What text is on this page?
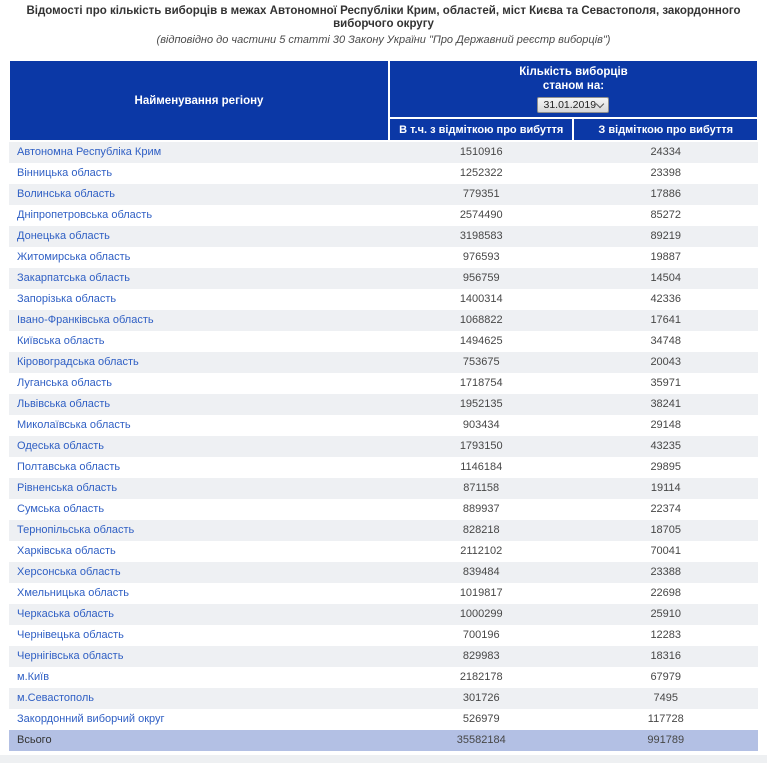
Відомості про кількість виборців в межах Автономної Республіки Крим, областей, міст Києва та Севастополя, закордонного виборчого округу
(відповідно до частини 5 статті 30 Закону України "Про Державний реєстр виборців")
Найменування регіону	Кількість виборців
станом на:
31.01.2019	

	В т.ч. з відміткою про вибуття	З відміткою про вибуття
Автономна Республіка Крим	1510916	24334
Вінницька область	1252322	23398
Волинська область	779351	17886
Дніпропетровська область	2574490	85272
Донецька область	3198583	89219
Житомирська область	976593	19887
Закарпатська область	956759	14504
Запорізька область	1400314	42336
Івано-Франківська область	1068822	17641
Київська область	1494625	34748
Кіровоградська область	753675	20043
Луганська область	1718754	35971
Львівська область	1952135	38241
Миколаївська область	903434	29148
Одеська область	1793150	43235
Полтавська область	1146184	29895
Рівненська область	871158	19114
Сумська область	889937	22374
Тернопільська область	828218	18705
Харківська область	2112102	70041
Херсонська область	839484	23388
Хмельницька область	1019817	22698
Черкаська область	1000299	25910
Чернівецька область	700196	12283
Чернігівська область	829983	18316
м.Київ	2182178	67979
м.Севастополь	301726	7495
Закордонний виборчий округ	526979	117728
Всього	35582184	991789
